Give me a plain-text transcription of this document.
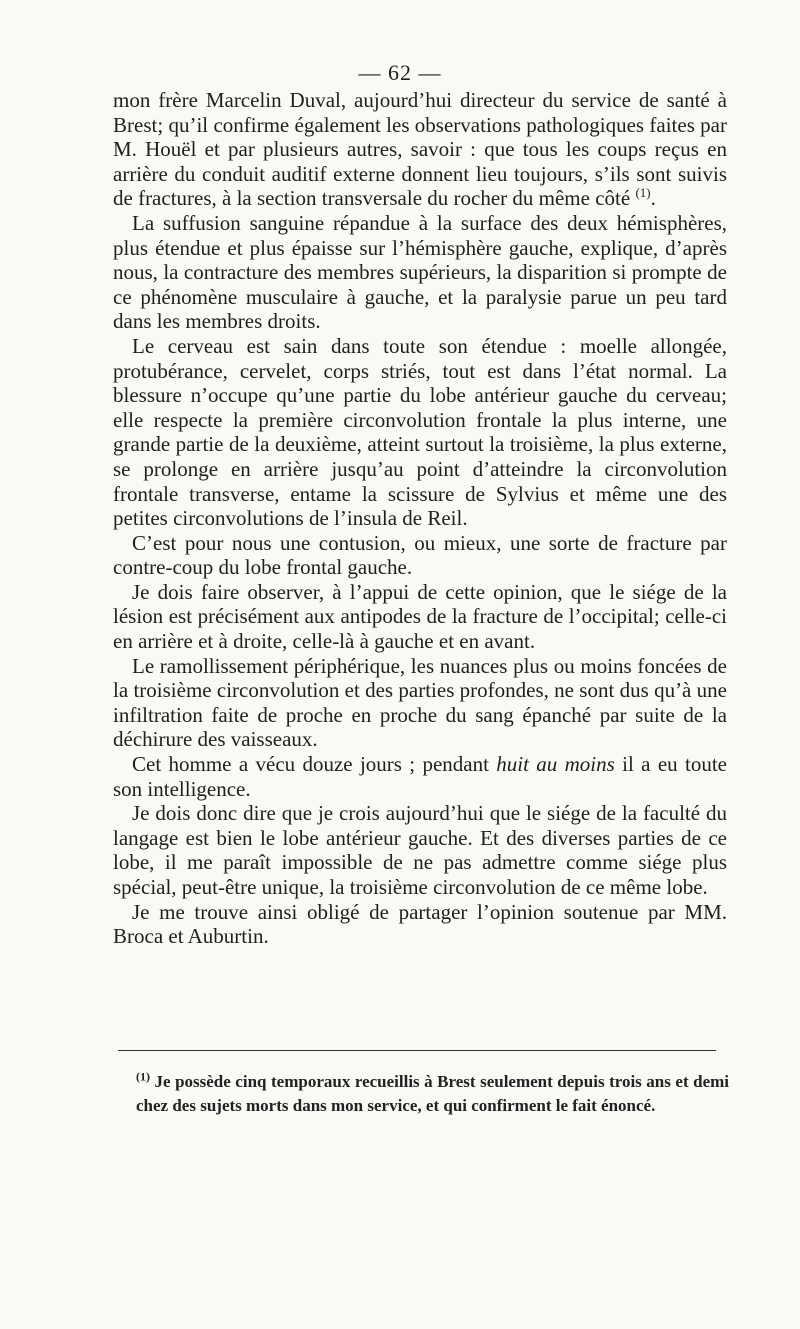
— 62 —

mon frère Marcelin Duval, aujourd’hui directeur du service de santé à Brest; qu’il confirme également les observations pathologiques faites par M. Houël et par plusieurs autres, savoir : que tous les coups reçus en arrière du conduit auditif externe donnent lieu toujours, s’ils sont suivis de fractures, à la section transversale du rocher du même côté $^{(1)}$.

La suffusion sanguine répandue à la surface des deux hémisphères, plus étendue et plus épaisse sur l’hémisphère gauche, explique, d’après nous, la contracture des membres supérieurs, la disparition si prompte de ce phénomène musculaire à gauche, et la paralysie parue un peu tard dans les membres droits.

Le cerveau est sain dans toute son étendue : moelle allongée, protubérance, cervelet, corps striés, tout est dans l’état normal. La blessure n’occupe qu’une partie du lobe antérieur gauche du cerveau; elle respecte la première circonvolution frontale la plus interne, une grande partie de la deuxième, atteint surtout la troisième, la plus externe, se prolonge en arrière jusqu’au point d’atteindre la circonvolution frontale transverse, entame la scissure de Sylvius et même une des petites circonvolutions de l’insula de Reil.

C’est pour nous une contusion, ou mieux, une sorte de fracture par contre-coup du lobe frontal gauche.

Je dois faire observer, à l’appui de cette opinion, que le siége de la lésion est précisément aux antipodes de la fracture de l’occipital; celle-ci en arrière et à droite, celle-là à gauche et en avant.

Le ramollissement périphérique, les nuances plus ou moins foncées de la troisième circonvolution et des parties profondes, ne sont dus qu’à une infiltration faite de proche en proche du sang épanché par suite de la déchirure des vaisseaux.

Cet homme a vécu douze jours ; pendant huit au moins il a eu toute son intelligence.

Je dois donc dire que je crois aujourd’hui que le siége de la faculté du langage est bien le lobe antérieur gauche. Et des diverses parties de ce lobe, il me paraît impossible de ne pas admettre comme siége plus spécial, peut-être unique, la troisième circonvolution de ce même lobe.

Je me trouve ainsi obligé de partager l’opinion soutenue par MM. Broca et Auburtin.

$^{(1)}$ Je possède cinq temporaux recueillis à Brest seulement depuis trois ans et demi chez des sujets morts dans mon service, et qui confirment le fait énoncé.
